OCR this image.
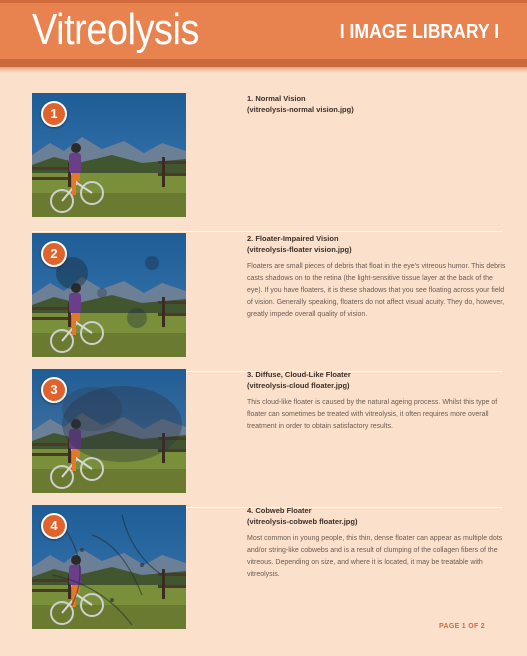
Vitreolysis	I IMAGE LIBRARY I
1
1. Normal Vision
(vitreolysis-normal vision.jpg)
2
2. Floater-Impaired Vision
(vitreolysis-floater vision.jpg)
Floaters are small pieces of debris that float in the eye's vitreous humor. This debris casts shadows on to the retina (the light-sensitive tissue layer at the back of the eye). If you have floaters, it is these shadows that you see floating across your field of vision. Generally speaking, floaters do not affect visual acuity. They do, however, greatly impede overall quality of vision.
3
3. Diffuse, Cloud-Like Floater
(vitreolysis-cloud floater.jpg)
This cloud-like floater is caused by the natural ageing process. Whilst this type of floater can sometimes be treated with vitreolysis, it often requires more overall treatment in order to obtain satisfactory results.
4
4. Cobweb Floater
(vitreolysis-cobweb floater.jpg)
Most common in young people, this thin, dense floater can appear as multiple dots and/or string-like cobwebs and is a result of clumping of the collagen fibers of the vitreous. Depending on size, and where it is located, it may be treatable with vitreolysis.
PAGE 1 OF 2
